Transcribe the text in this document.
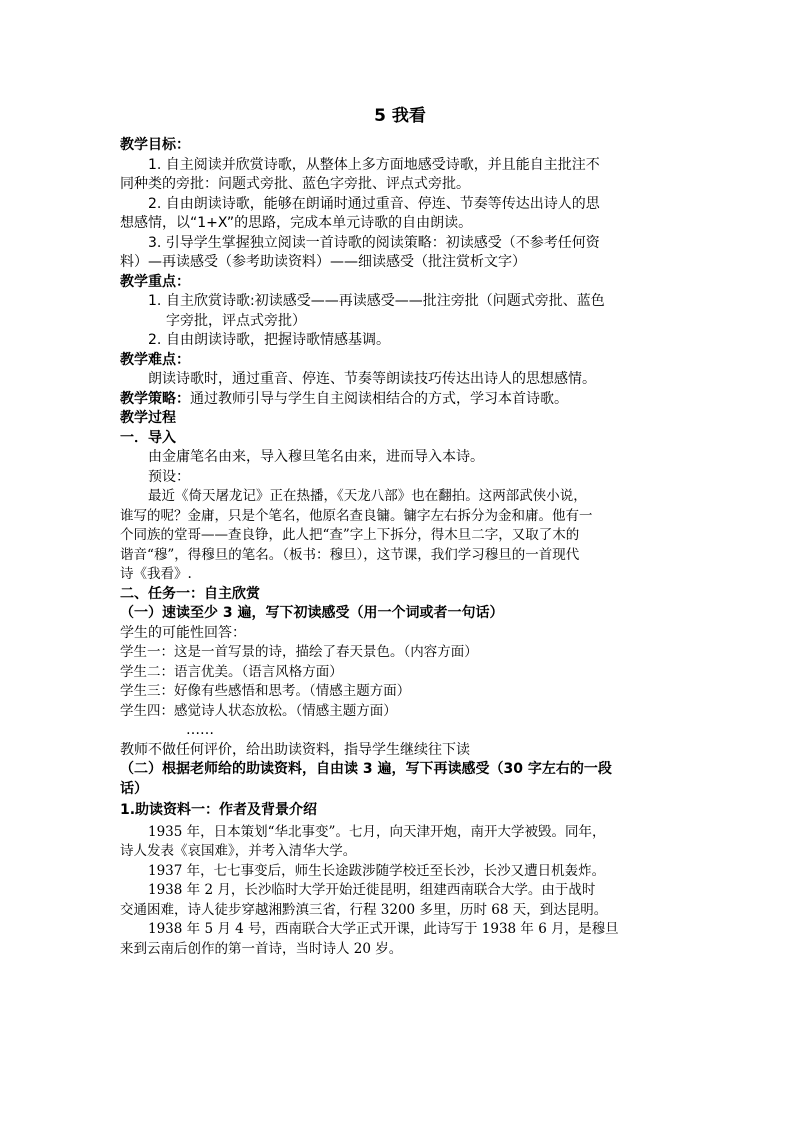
5 我看
教学目标：
1. 自主阅读并欣赏诗歌，从整体上多方面地感受诗歌，并且能自主批注不
同种类的旁批：问题式旁批、蓝色字旁批、评点式旁批。
2. 自由朗读诗歌，能够在朗诵时通过重音、停连、节奏等传达出诗人的思
想感情，以“1+X”的思路，完成本单元诗歌的自由朗读。
3. 引导学生掌握独立阅读一首诗歌的阅读策略：初读感受（不参考任何资
料）—再读感受（参考助读资料）——细读感受（批注赏析文字）
教学重点：
1. 自主欣赏诗歌:初读感受——再读感受——批注旁批（问题式旁批、蓝色
字旁批，评点式旁批）
2. 自由朗读诗歌，把握诗歌情感基调。
教学难点：
朗读诗歌时，通过重音、停连、节奏等朗读技巧传达出诗人的思想感情。
教学策略：通过教师引导与学生自主阅读相结合的方式，学习本首诗歌。
教学过程
一．导入
由金庸笔名由来，导入穆旦笔名由来，进而导入本诗。
预设：
最近《倚天屠龙记》正在热播，《天龙八部》也在翻拍。这两部武侠小说，
谁写的呢？金庸，只是个笔名，他原名查良镛。镛字左右拆分为金和庸。他有一
个同族的堂哥——查良铮，此人把“查”字上下拆分，得木旦二字，又取了木的
谐音“穆”，得穆旦的笔名。（板书：穆旦），这节课，我们学习穆旦的一首现代
诗《我看》.
二、任务一：自主欣赏
（一）速读至少 3 遍，写下初读感受（用一个词或者一句话）
学生的可能性回答：
学生一：这是一首写景的诗，描绘了春天景色。（内容方面）
学生二：语言优美。（语言风格方面）
学生三：好像有些感悟和思考。（情感主题方面）
学生四：感觉诗人状态放松。（情感主题方面）
……
教师不做任何评价，给出助读资料，指导学生继续往下读
（二）根据老师给的助读资料，自由读 3 遍，写下再读感受（30 字左右的一段
话）
1.助读资料一：作者及背景介绍
1935 年，日本策划“华北事变”。七月，向天津开炮，南开大学被毁。同年，
诗人发表《哀国难》，并考入清华大学。
1937 年，七七事变后，师生长途跋涉随学校迁至长沙，长沙又遭日机轰炸。
1938 年 2 月，长沙临时大学开始迁徙昆明，组建西南联合大学。由于战时
交通困难，诗人徒步穿越湘黔滇三省，行程 3200 多里，历时 68 天，到达昆明。
1938 年 5 月 4 号，西南联合大学正式开课，此诗写于 1938 年 6 月，是穆旦
来到云南后创作的第一首诗，当时诗人 20 岁。
